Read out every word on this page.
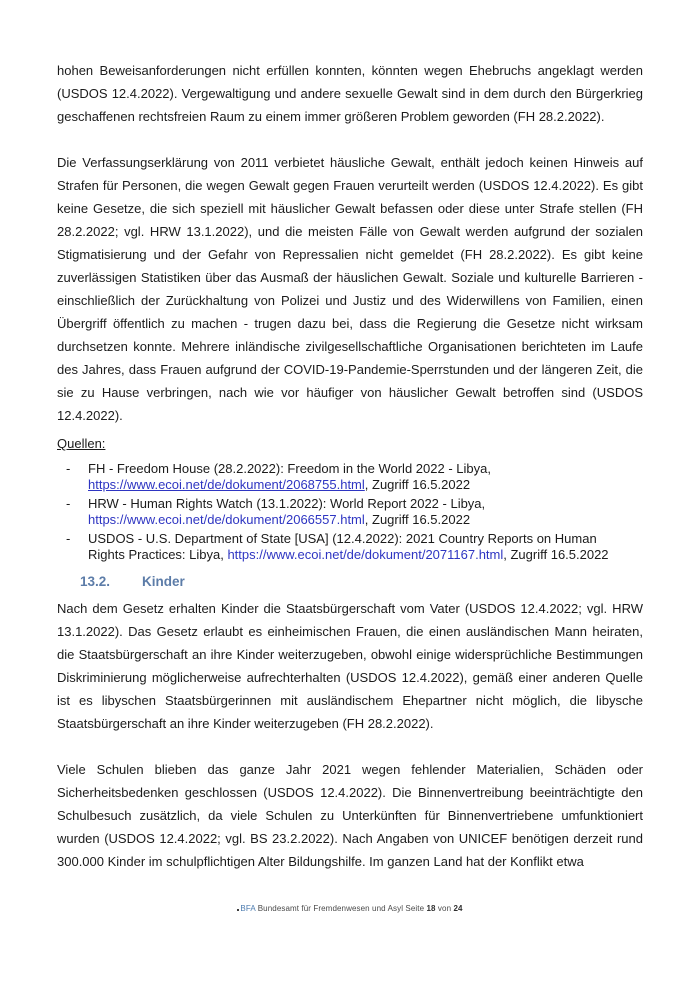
hohen Beweisanforderungen nicht erfüllen konnten, könnten wegen Ehebruchs angeklagt werden (USDOS 12.4.2022). Vergewaltigung und andere sexuelle Gewalt sind in dem durch den Bürgerkrieg geschaffenen rechtsfreien Raum zu einem immer größeren Problem geworden (FH 28.2.2022).

Die Verfassungserklärung von 2011 verbietet häusliche Gewalt, enthält jedoch keinen Hinweis auf Strafen für Personen, die wegen Gewalt gegen Frauen verurteilt werden (USDOS 12.4.2022). Es gibt keine Gesetze, die sich speziell mit häuslicher Gewalt befassen oder diese unter Strafe stellen (FH 28.2.2022; vgl. HRW 13.1.2022), und die meisten Fälle von Gewalt werden aufgrund der sozialen Stigmatisierung und der Gefahr von Repressalien nicht gemeldet (FH 28.2.2022). Es gibt keine zuverlässigen Statistiken über das Ausmaß der häuslichen Gewalt. Soziale und kulturelle Barrieren - einschließlich der Zurückhaltung von Polizei und Justiz und des Widerwillens von Familien, einen Übergriff öffentlich zu machen - trugen dazu bei, dass die Regierung die Gesetze nicht wirksam durchsetzen konnte. Mehrere inländische zivilgesellschaftliche Organisationen berichteten im Laufe des Jahres, dass Frauen aufgrund der COVID-19-Pandemie-Sperrstunden und der längeren Zeit, die sie zu Hause verbringen, nach wie vor häufiger von häuslicher Gewalt betroffen sind (USDOS 12.4.2022).

Quellen:
- FH - Freedom House (28.2.2022): Freedom in the World 2022 - Libya,
https://www.ecoi.net/de/dokument/2068755.html, Zugriff 16.5.2022
- HRW - Human Rights Watch (13.1.2022): World Report 2022 - Libya,
https://www.ecoi.net/de/dokument/2066557.html, Zugriff 16.5.2022
- USDOS - U.S. Department of State [USA] (12.4.2022): 2021 Country Reports on Human
Rights Practices: Libya, https://www.ecoi.net/de/dokument/2071167.html, Zugriff 16.5.2022
13.2. Kinder

Nach dem Gesetz erhalten Kinder die Staatsbürgerschaft vom Vater (USDOS 12.4.2022; vgl. HRW 13.1.2022). Das Gesetz erlaubt es einheimischen Frauen, die einen ausländischen Mann heiraten, die Staatsbürgerschaft an ihre Kinder weiterzugeben, obwohl einige widersprüchliche Bestimmungen Diskriminierung möglicherweise aufrechterhalten (USDOS 12.4.2022), gemäß einer anderen Quelle ist es libyschen Staatsbürgerinnen mit ausländischem Ehepartner nicht möglich, die libysche Staatsbürgerschaft an ihre Kinder weiterzugeben (FH 28.2.2022).

Viele Schulen blieben das ganze Jahr 2021 wegen fehlender Materialien, Schäden oder Sicherheitsbedenken geschlossen (USDOS 12.4.2022). Die Binnenvertreibung beeinträchtigte den Schulbesuch zusätzlich, da viele Schulen zu Unterkünften für Binnenvertriebene umfunktioniert wurden (USDOS 12.4.2022; vgl. BS 23.2.2022). Nach Angaben von UNICEF benötigen derzeit rund 300.000 Kinder im schulpflichtigen Alter Bildungshilfe. Im ganzen Land hat der Konflikt etwa

BFA Bundesamt für Fremdenwesen und Asyl Seite 18 von 24
